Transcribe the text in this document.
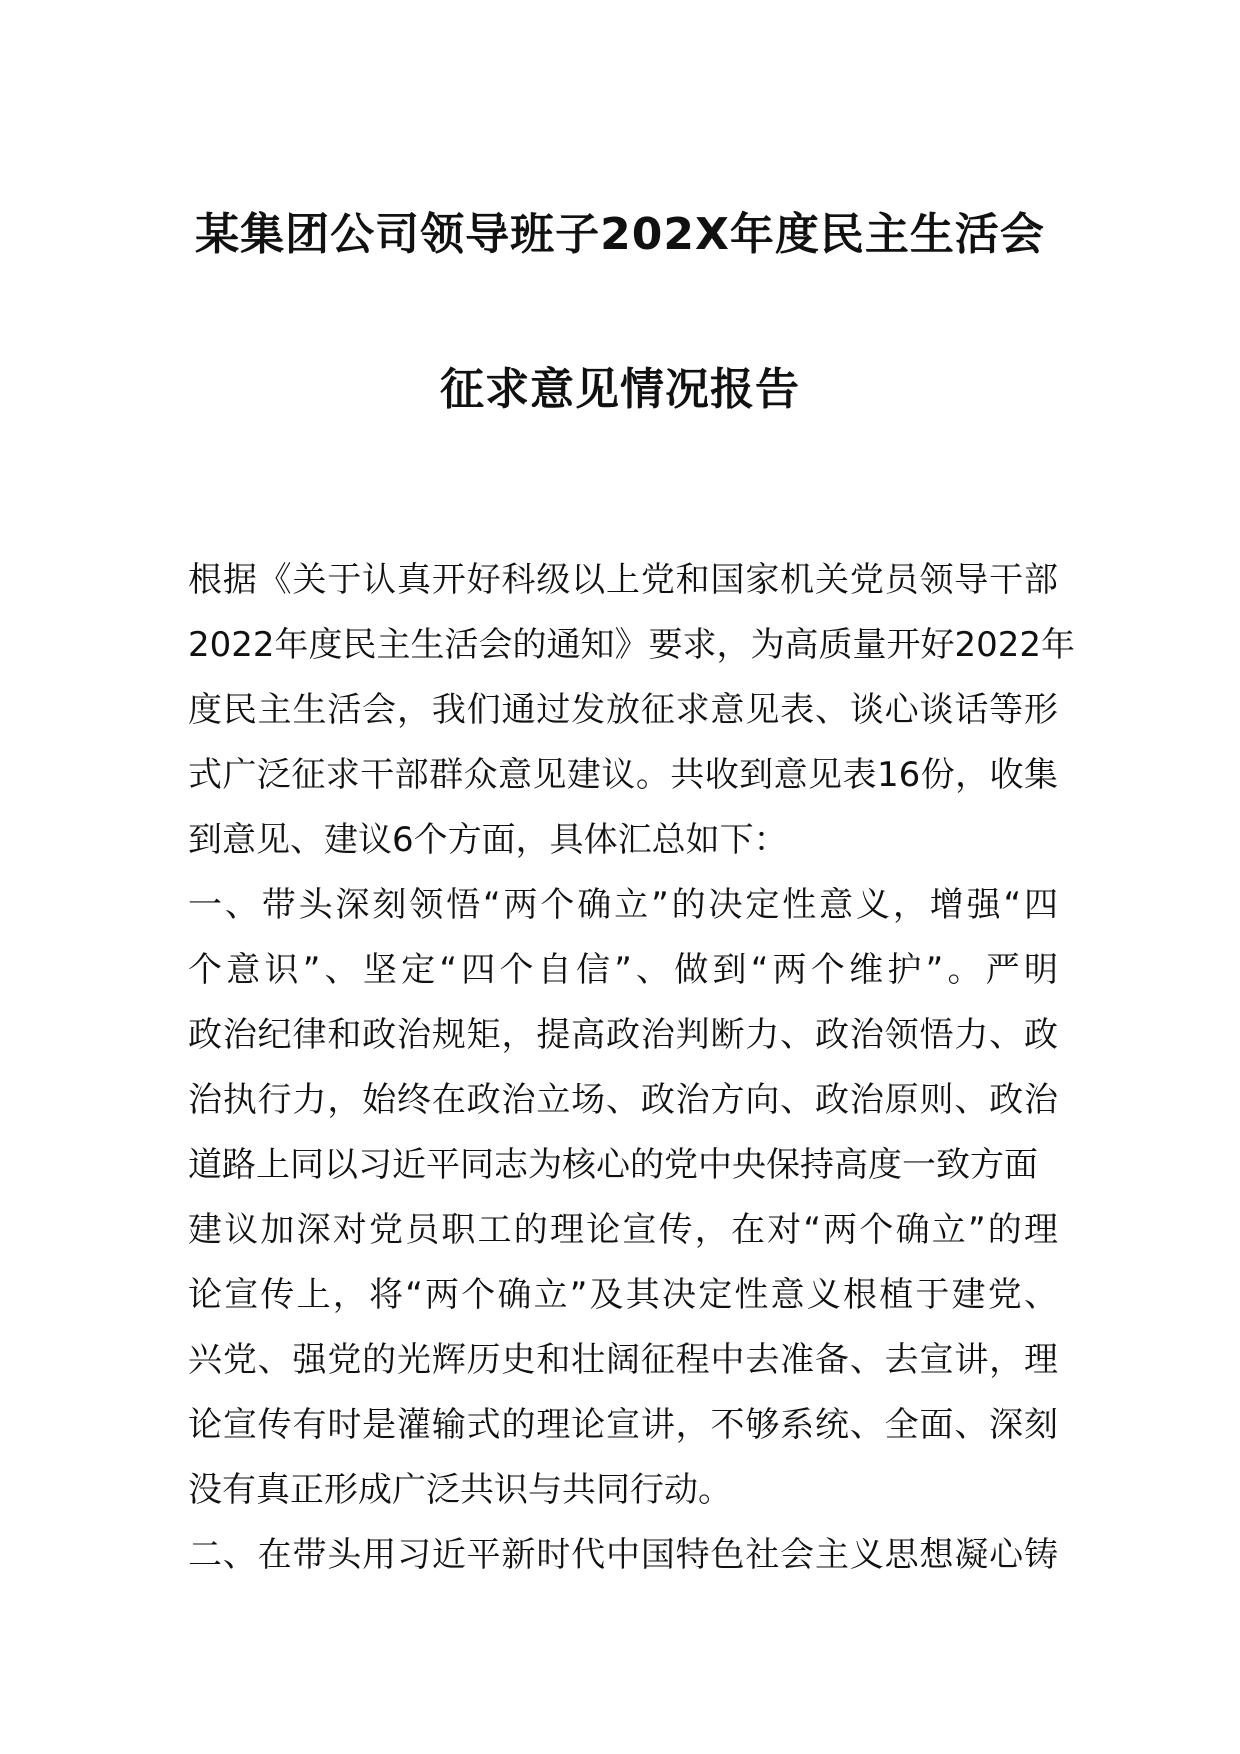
某集团公司领导班子202X年度民主生活会
征求意见情况报告
根据《关于认真开好科级以上党和国家机关党员领导干部
2022年度民主生活会的通知》要求，为高质量开好2022年
度民主生活会，我们通过发放征求意见表、谈心谈话等形
式广泛征求干部群众意见建议。共收到意见表16份，收集
到意见、建议6个方面，具体汇总如下：
一、带头深刻领悟“两个确立”的决定性意义，增强“四
个意识”、坚定“四个自信”、做到“两个维护”。严明
政治纪律和政治规矩，提高政治判断力、政治领悟力、政
治执行力，始终在政治立场、政治方向、政治原则、政治
道路上同以习近平同志为核心的党中央保持高度一致方面
建议加深对党员职工的理论宣传，在对“两个确立”的理
论宣传上，将“两个确立”及其决定性意义根植于建党、
兴党、强党的光辉历史和壮阔征程中去准备、去宣讲，理
论宣传有时是灌输式的理论宣讲，不够系统、全面、深刻
没有真正形成广泛共识与共同行动。
二、在带头用习近平新时代中国特色社会主义思想凝心铸
